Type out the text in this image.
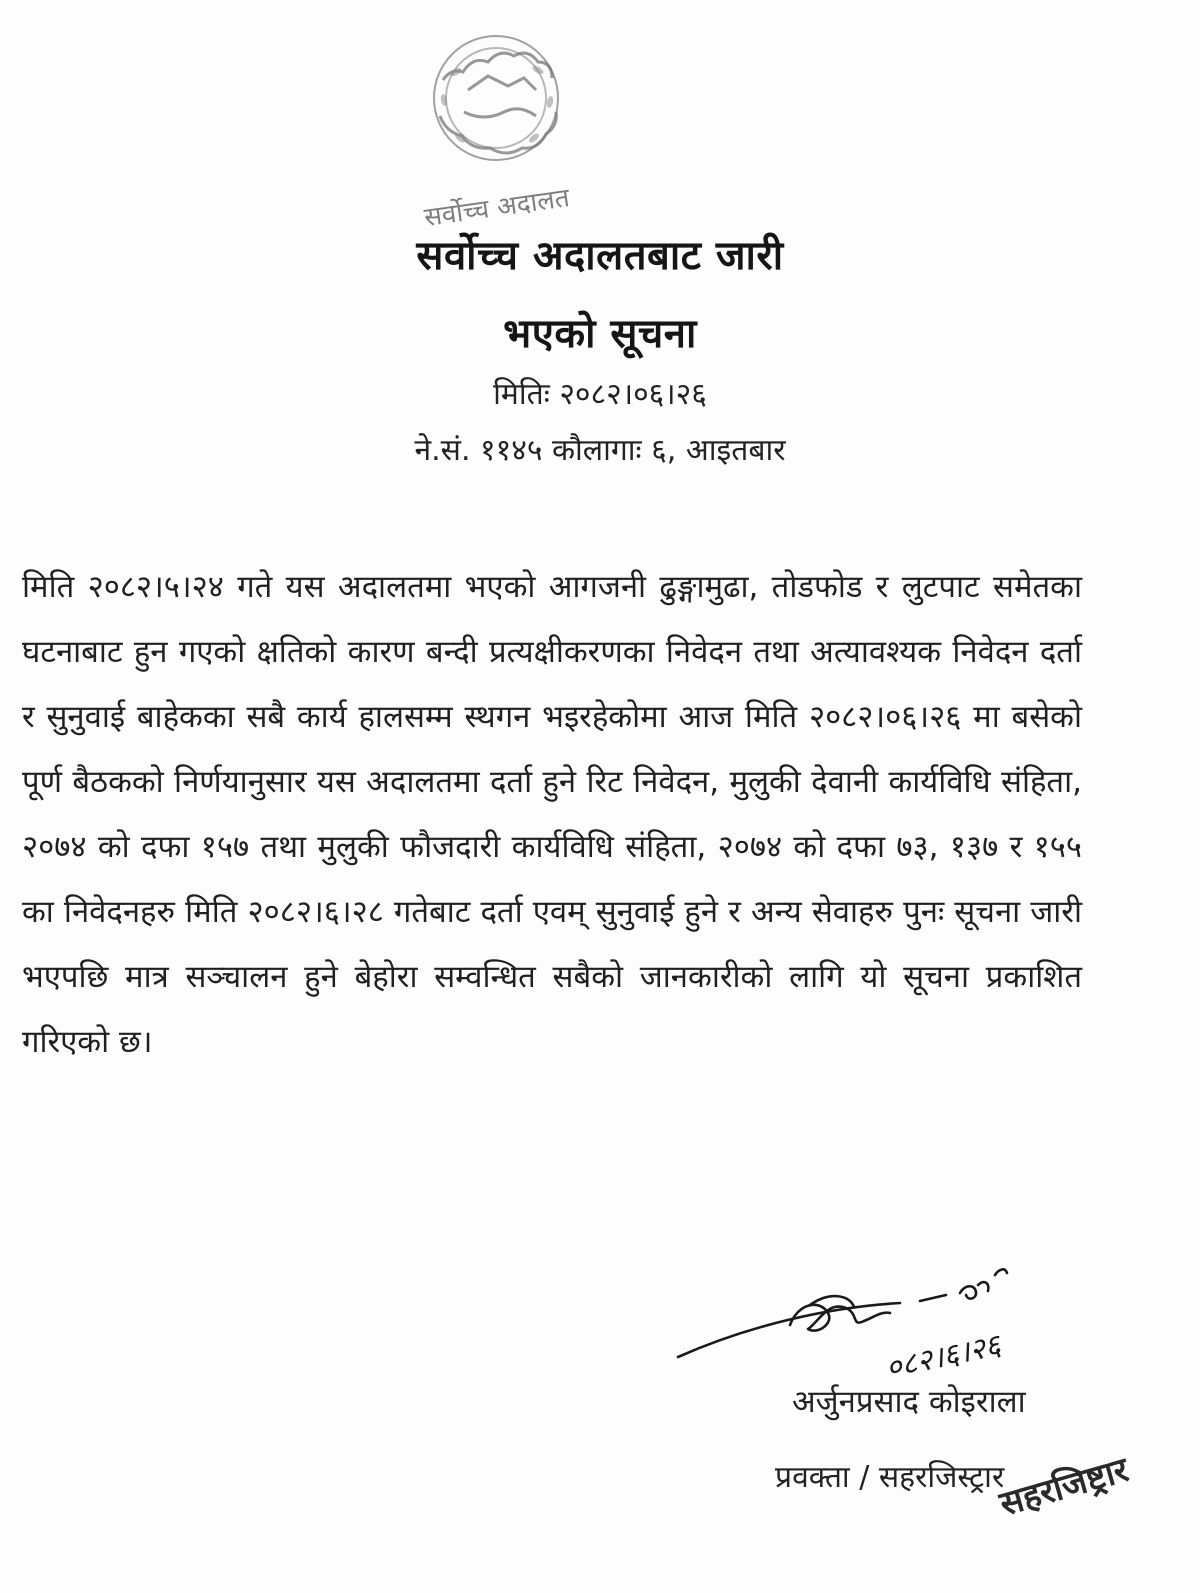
सर्वोच्च अदालत
सर्वोच्च अदालतबाट जारी
भएको सूचना
मितिः २०८२।०६।२६
ने.सं. ११४५ कौलागाः ६, आइतबार
मिति २०८२।५।२४ गते यस अदालतमा भएको आगजनी ढुङ्गामुढा, तोडफोड र लुटपाट समेतका घटनाबाट हुन गएको क्षतिको कारण बन्दी प्रत्यक्षीकरणका निवेदन तथा अत्यावश्यक निवेदन दर्ता र सुनुवाई बाहेकका सबै कार्य हालसम्म स्थगन भइरहेकोमा आज मिति २०८२।०६।२६ मा बसेको पूर्ण बैठकको निर्णयानुसार यस अदालतमा दर्ता हुने रिट निवेदन, मुलुकी देवानी कार्यविधि संहिता, २०७४ को दफा १५७ तथा मुलुकी फौजदारी कार्यविधि संहिता, २०७४ को दफा ७३, १३७ र १५५ का निवेदनहरु मिति २०८२।६।२८ गतेबाट दर्ता एवम् सुनुवाई हुने र अन्य सेवाहरु पुनः सूचना जारी भएपछि मात्र सञ्चालन हुने बेहोरा सम्वन्धित सबैको जानकारीको लागि यो सूचना प्रकाशित गरिएको छ।
०८२।६।२६
अर्जुनप्रसाद कोइराला
प्रवक्ता / सहरजिस्ट्रार
सहरजिष्ट्रार
